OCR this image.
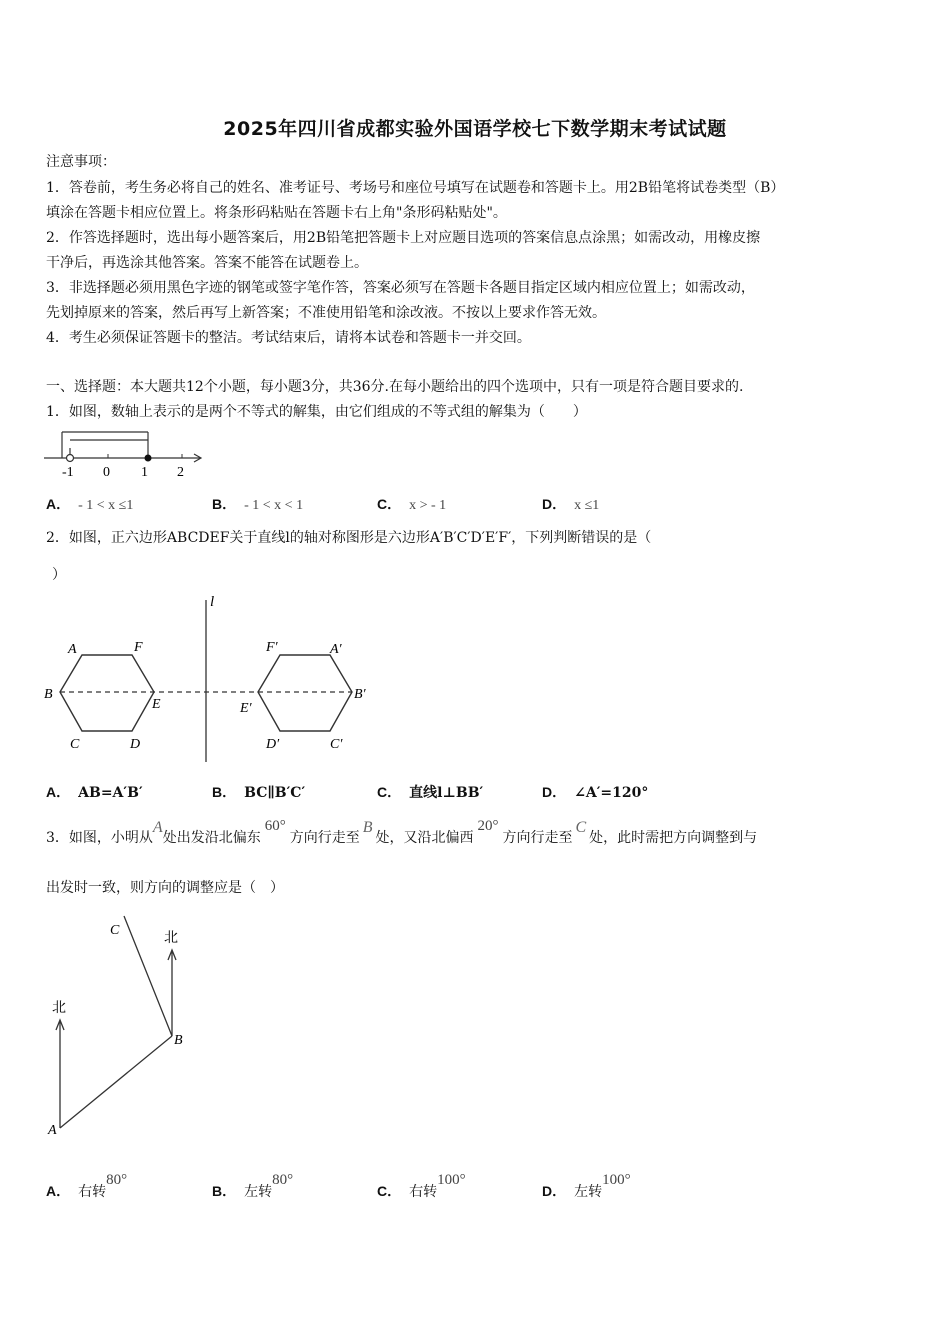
2025年四川省成都实验外国语学校七下数学期末考试试题
注意事项：
1．答卷前，考生务必将自己的姓名、准考证号、考场号和座位号填写在试题卷和答题卡上。用2B铅笔将试卷类型（B）
填涂在答题卡相应位置上。将条形码粘贴在答题卡右上角"条形码粘贴处"。
2．作答选择题时，选出每小题答案后，用2B铅笔把答题卡上对应题目选项的答案信息点涂黑；如需改动，用橡皮擦
干净后，再选涂其他答案。答案不能答在试题卷上。
3．非选择题必须用黑色字迹的钢笔或签字笔作答，答案必须写在答题卡各题目指定区域内相应位置上；如需改动，
先划掉原来的答案，然后再写上新答案；不准使用铅笔和涂改液。不按以上要求作答无效。
4．考生必须保证答题卡的整洁。考试结束后，请将本试卷和答题卡一并交回。
一、选择题：本大题共12个小题，每小题3分，共36分.在每小题给出的四个选项中，只有一项是符合题目要求的.
1．如图，数轴上表示的是两个不等式的解集，由它们组成的不等式组的解集为（　　）
-1 0 1 2
A． - 1 < x ≤1	B． - 1 < x < 1	C． x > - 1	D． x ≤1
2．如图，正六边形ABCDEF关于直线l的轴对称图形是六边形A′B′C′D′E′F′，下列判断错误的是（
）
l
A	F
B
E
C	D
F′	A′
E′
B′
D′	C′
A． AB=A′B′	B． BC∥B′C′	C． 直线l⊥BB′	D． ∠A′=120°
3．如图，小明从A处出发沿北偏东60°方向行走至B处，又沿北偏西20°方向行走至C处，此时需把方向调整到与
出发时一致，则方向的调整应是（　）
北
北
A
B
C
A． 右转80°
B． 左转80°
C． 右转100°
D． 左转100°
